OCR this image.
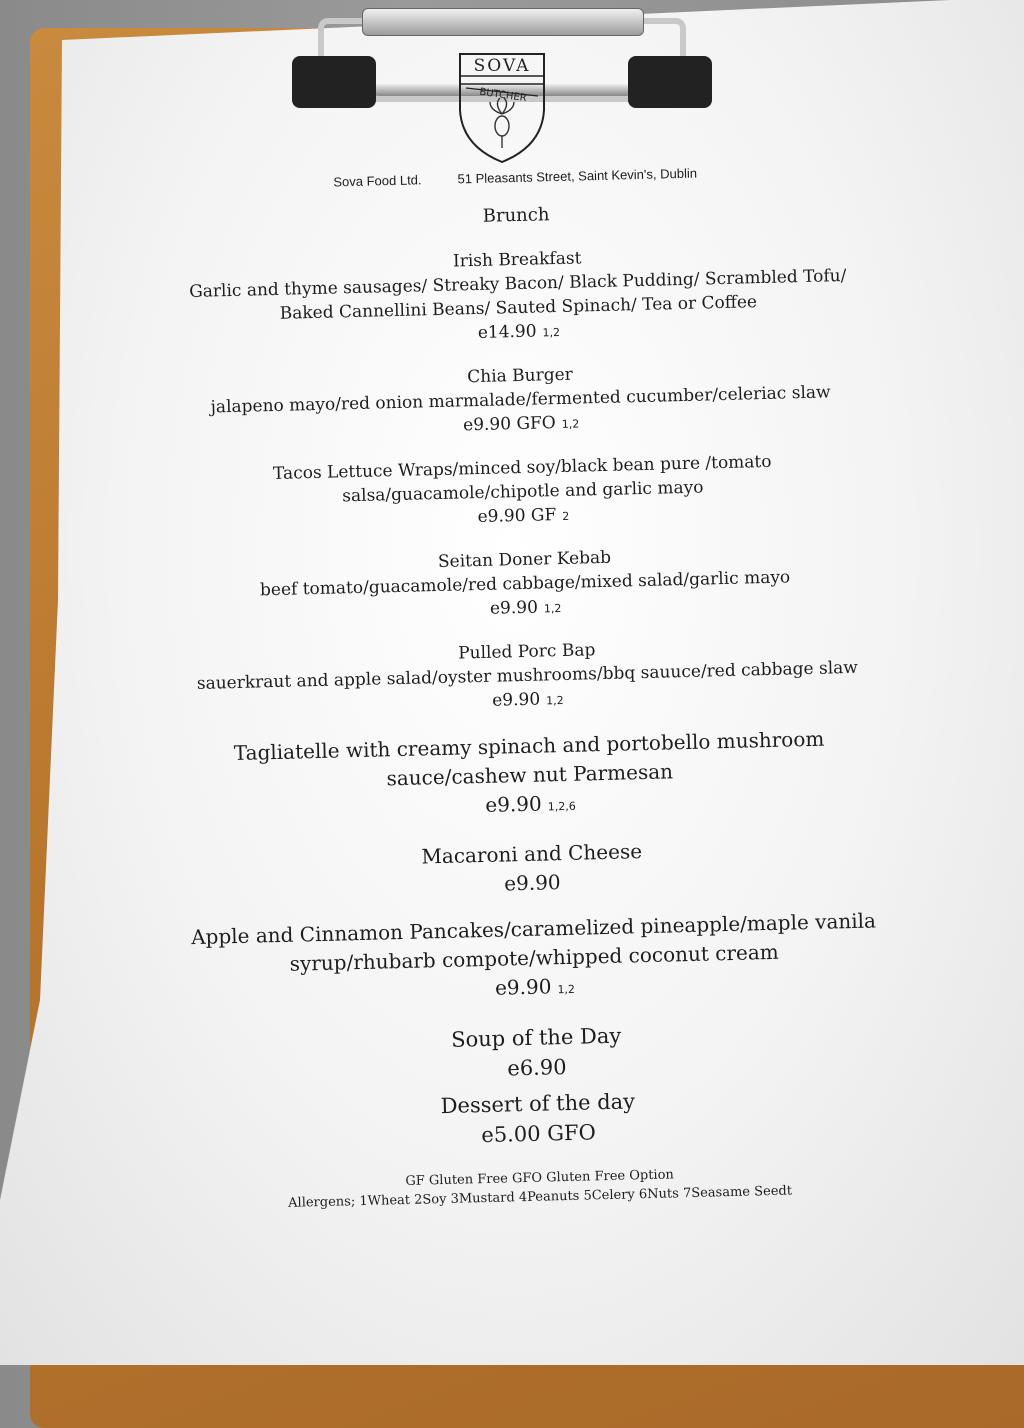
SOVA
BUTCHER
Sova Food Ltd.	51 Pleasants Street, Saint Kevin's, Dublin
Brunch
Irish Breakfast
Garlic and thyme sausages/ Streaky Bacon/ Black Pudding/ Scrambled Tofu/ Baked Cannellini Beans/ Sauted Spinach/ Tea or Coffee
e14.90 1,2
Chia Burger
jalapeno mayo/red onion marmalade/fermented cucumber/celeriac slaw
e9.90 GFO 1,2
Tacos Lettuce Wraps/minced soy/black bean pure /tomato salsa/guacamole/chipotle and garlic mayo
e9.90 GF 2
Seitan Doner Kebab
beef tomato/guacamole/red cabbage/mixed salad/garlic mayo
e9.90 1,2
Pulled Porc Bap
sauerkraut and apple salad/oyster mushrooms/bbq sauuce/red cabbage slaw
e9.90 1,2
Tagliatelle with creamy spinach and portobello mushroom sauce/cashew nut Parmesan
e9.90 1,2,6
Macaroni and Cheese
e9.90
Apple and Cinnamon Pancakes/caramelized pineapple/maple vanila syrup/rhubarb compote/whipped coconut cream
e9.90 1,2
Soup of the Day
e6.90
Dessert of the day
e5.00 GFO
GF Gluten Free GFO Gluten Free Option
Allergens; 1Wheat 2Soy 3Mustard 4Peanuts 5Celery 6Nuts 7Seasame Seedt
